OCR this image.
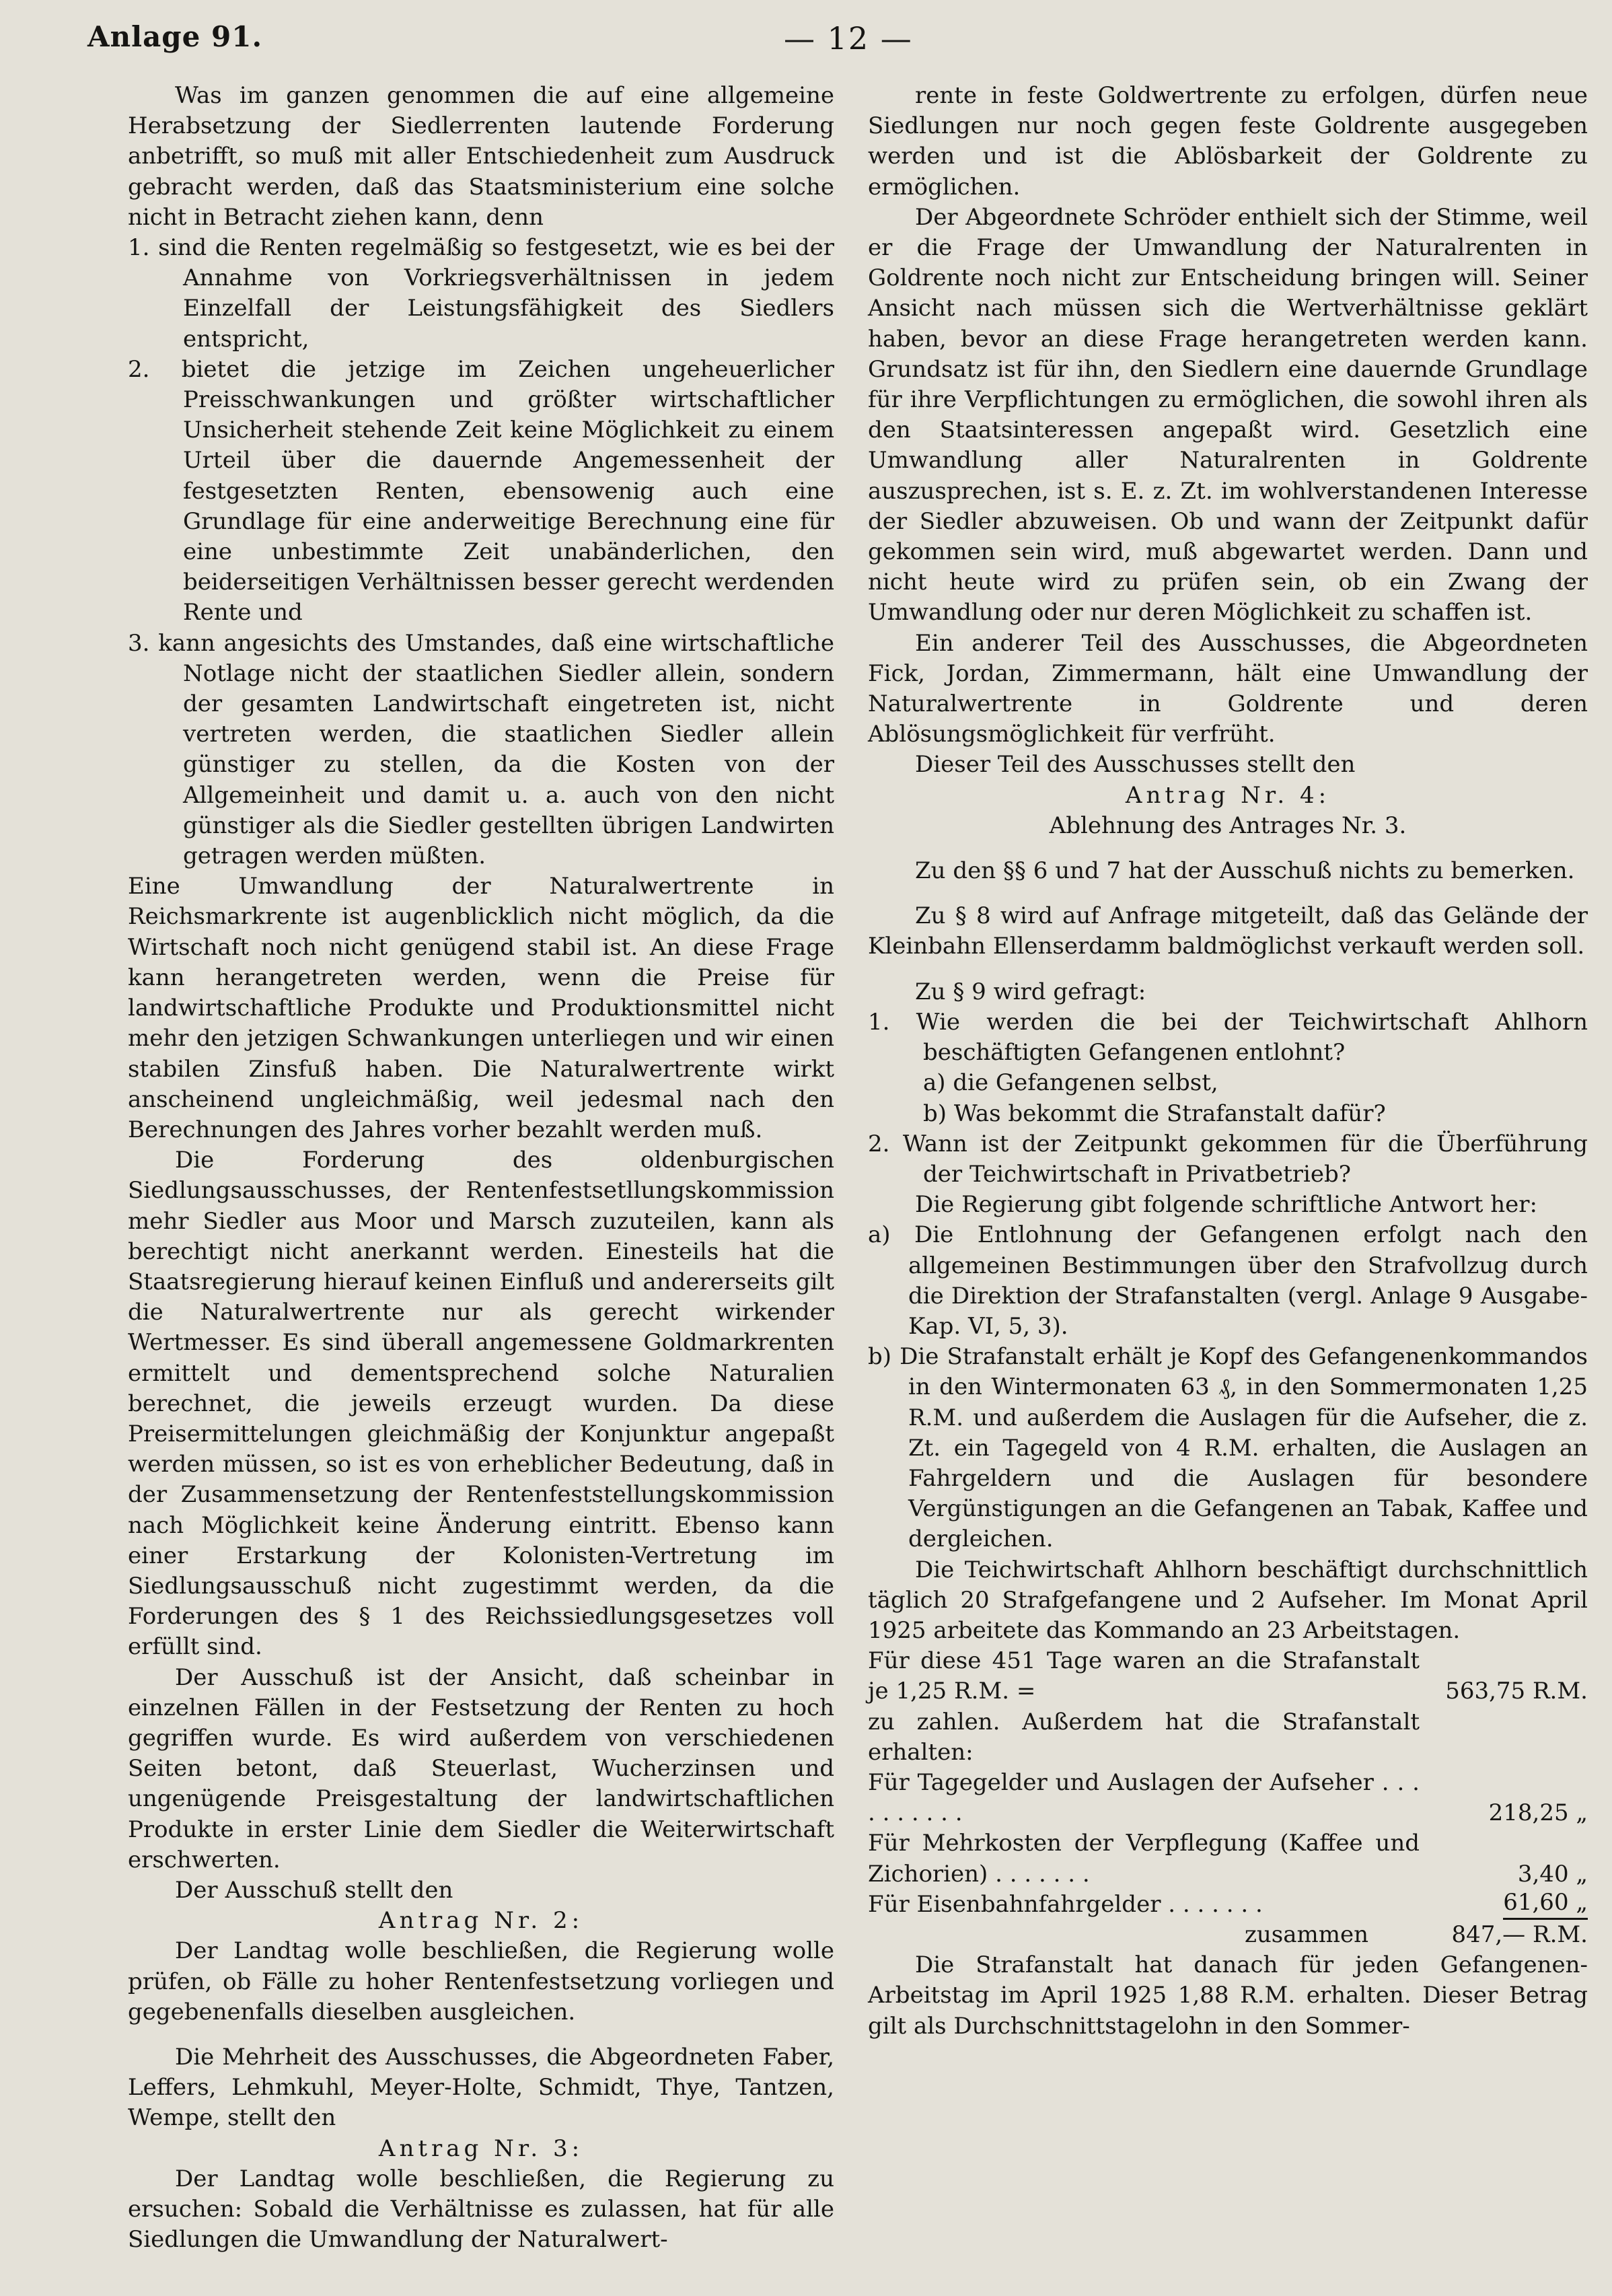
Anlage 91.	— 12 —

Was im ganzen genommen die auf eine allgemeine Herabsetzung der Siedlerrenten lautende Forderung anbetrifft, so muß mit aller Entschiedenheit zum Ausdruck gebracht werden, daß das Staatsministerium eine solche nicht in Betracht ziehen kann, denn

1. sind die Renten regelmäßig so festgesetzt, wie es bei der Annahme von Vorkriegsverhältnissen in jedem Einzelfall der Leistungsfähigkeit des Siedlers entspricht,

2. bietet die jetzige im Zeichen ungeheuerlicher Preisschwankungen und größter wirtschaftlicher Unsicherheit stehende Zeit keine Möglichkeit zu einem Urteil über die dauernde Angemessenheit der festgesetzten Renten, ebensowenig auch eine Grundlage für eine anderweitige Berechnung eine für eine unbestimmte Zeit unabänderlichen, den beiderseitigen Verhältnissen besser gerecht werdenden Rente und

3. kann angesichts des Umstandes, daß eine wirtschaftliche Notlage nicht der staatlichen Siedler allein, sondern der gesamten Landwirtschaft eingetreten ist, nicht vertreten werden, die staatlichen Siedler allein günstiger zu stellen, da die Kosten von der Allgemeinheit und damit u. a. auch von den nicht günstiger als die Siedler gestellten übrigen Landwirten getragen werden müßten.

Eine Umwandlung der Naturalwertrente in Reichsmarkrente ist augenblicklich nicht möglich, da die Wirtschaft noch nicht genügend stabil ist. An diese Frage kann herangetreten werden, wenn die Preise für landwirtschaftliche Produkte und Produktionsmittel nicht mehr den jetzigen Schwankungen unterliegen und wir einen stabilen Zinsfuß haben. Die Naturalwertrente wirkt anscheinend ungleichmäßig, weil jedesmal nach den Berechnungen des Jahres vorher bezahlt werden muß.

Die Forderung des oldenburgischen Siedlungsausschusses, der Rentenfestsetllungskommission mehr Siedler aus Moor und Marsch zuzuteilen, kann als berechtigt nicht anerkannt werden. Einesteils hat die Staatsregierung hierauf keinen Einfluß und andererseits gilt die Naturalwertrente nur als gerecht wirkender Wertmesser. Es sind überall angemessene Goldmarkrenten ermittelt und dementsprechend solche Naturalien berechnet, die jeweils erzeugt wurden. Da diese Preisermittelungen gleichmäßig der Konjunktur angepaßt werden müssen, so ist es von erheblicher Bedeutung, daß in der Zusammensetzung der Rentenfeststellungskommission nach Möglichkeit keine Änderung eintritt. Ebenso kann einer Erstarkung der Kolonisten-Vertretung im Siedlungsausschuß nicht zugestimmt werden, da die Forderungen des § 1 des Reichssiedlungsgesetzes voll erfüllt sind.

Der Ausschuß ist der Ansicht, daß scheinbar in einzelnen Fällen in der Festsetzung der Renten zu hoch gegriffen wurde. Es wird außerdem von verschiedenen Seiten betont, daß Steuerlast, Wucherzinsen und ungenügende Preisgestaltung der landwirtschaftlichen Produkte in erster Linie dem Siedler die Weiterwirtschaft erschwerten.

Der Ausschuß stellt den

Antrag Nr. 2:

Der Landtag wolle beschließen, die Regierung wolle prüfen, ob Fälle zu hoher Rentenfestsetzung vorliegen und gegebenenfalls dieselben ausgleichen.

Die Mehrheit des Ausschusses, die Abgeordneten Faber, Leffers, Lehmkuhl, Meyer-Holte, Schmidt, Thye, Tantzen, Wempe, stellt den

Antrag Nr. 3:

Der Landtag wolle beschließen, die Regierung zu ersuchen: Sobald die Verhältnisse es zulassen, hat für alle Siedlungen die Umwandlung der Naturalwert-

rente in feste Goldwertrente zu erfolgen, dürfen neue Siedlungen nur noch gegen feste Goldrente ausgegeben werden und ist die Ablösbarkeit der Goldrente zu ermöglichen.

Der Abgeordnete Schröder enthielt sich der Stimme, weil er die Frage der Umwandlung der Naturalrenten in Goldrente noch nicht zur Entscheidung bringen will. Seiner Ansicht nach müssen sich die Wertverhältnisse geklärt haben, bevor an diese Frage herangetreten werden kann. Grundsatz ist für ihn, den Siedlern eine dauernde Grundlage für ihre Verpflichtungen zu ermöglichen, die sowohl ihren als den Staatsinteressen angepaßt wird. Gesetzlich eine Umwandlung aller Naturalrenten in Goldrente auszusprechen, ist s. E. z. Zt. im wohlverstandenen Interesse der Siedler abzuweisen. Ob und wann der Zeitpunkt dafür gekommen sein wird, muß abgewartet werden. Dann und nicht heute wird zu prüfen sein, ob ein Zwang der Umwandlung oder nur deren Möglichkeit zu schaffen ist.

Ein anderer Teil des Ausschusses, die Abgeordneten Fick, Jordan, Zimmermann, hält eine Umwandlung der Naturalwertrente in Goldrente und deren Ablösungsmöglichkeit für verfrüht.

Dieser Teil des Ausschusses stellt den

Antrag Nr. 4:

Ablehnung des Antrages Nr. 3.

Zu den §§ 6 und 7 hat der Ausschuß nichts zu bemerken.

Zu § 8 wird auf Anfrage mitgeteilt, daß das Gelände der Kleinbahn Ellenserdamm baldmöglichst verkauft werden soll.

Zu § 9 wird gefragt:

1. Wie werden die bei der Teichwirtschaft Ahlhorn beschäftigten Gefangenen entlohnt?

a) die Gefangenen selbst,

b) Was bekommt die Strafanstalt dafür?

2. Wann ist der Zeitpunkt gekommen für die Überführung der Teichwirtschaft in Privatbetrieb?

Die Regierung gibt folgende schriftliche Antwort her:

a) Die Entlohnung der Gefangenen erfolgt nach den allgemeinen Bestimmungen über den Strafvollzug durch die Direktion der Strafanstalten (vergl. Anlage 9 Ausgabe-Kap. VI, 5, 3).

b) Die Strafanstalt erhält je Kopf des Gefangenenkommandos in den Wintermonaten 63 ₰, in den Sommermonaten 1,25 R.M. und außerdem die Auslagen für die Aufseher, die z. Zt. ein Tagegeld von 4 R.M. erhalten, die Auslagen an Fahrgeldern und die Auslagen für besondere Vergünstigungen an die Gefangenen an Tabak, Kaffee und dergleichen.

Die Teichwirtschaft Ahlhorn beschäftigt durchschnittlich täglich 20 Strafgefangene und 2 Aufseher. Im Monat April 1925 arbeitete das Kommando an 23 Arbeitstagen.

Für diese 451 Tage waren an die Strafanstalt je 1,25 R.M. =	563,75 R.M.

zu zahlen. Außerdem hat die Strafanstalt erhalten:

Für Tagegelder und Auslagen der Aufseher . . . . . . . . . .	218,25 „
Für Mehrkosten der Verpflegung (Kaffee und Zichorien) . . . . . . .	3,40 „
Für Eisenbahnfahrgelder . . . . . . .	61,60 „
zusammen	847,— R.M.

Die Strafanstalt hat danach für jeden Gefangenen-Arbeitstag im April 1925 1,88 R.M. erhalten. Dieser Betrag gilt als Durchschnittstagelohn in den Sommer-
